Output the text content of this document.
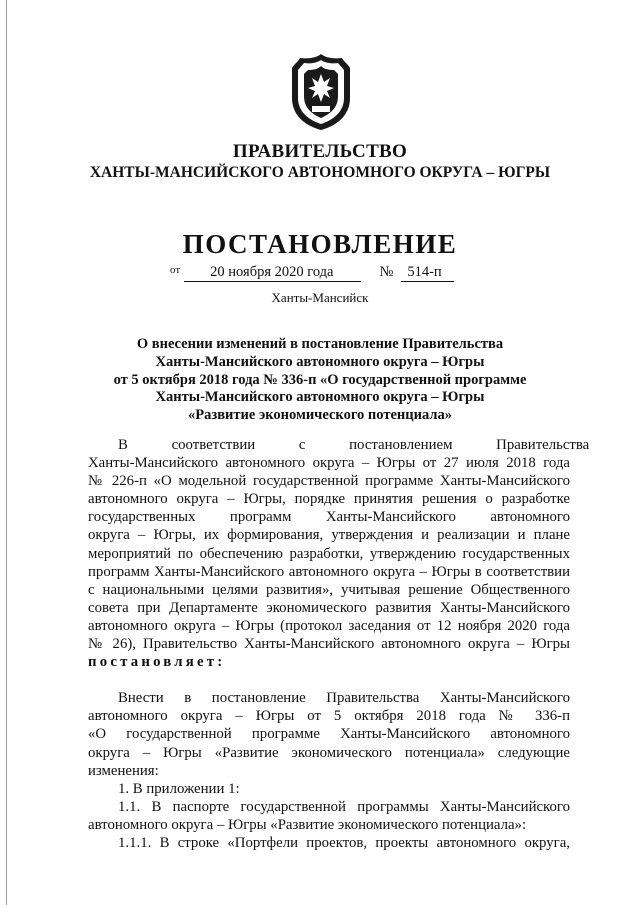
ПРАВИТЕЛЬСТВО
ХАНТЫ-МАНСИЙСКОГО АВТОНОМНОГО ОКРУГА – ЮГРЫ
ПОСТАНОВЛЕНИЕ
$^{от}$ 20 ноября 2020 года	№ 514-п
Ханты-Мансийск
О внесении изменений в постановление Правительства
Ханты-Мансийского автономного округа – Югры
от 5 октября 2018 года № 336-п «О государственной программе
Ханты-Мансийского автономного округа – Югры
«Развитие экономического потенциала»
В соответствии с постановлением Правительства
Ханты-Мансийского автономного округа – Югры от 27 июля 2018 года
№ 226-п «О модельной государственной программе Ханты-Мансийского
автономного округа – Югры, порядке принятия решения о разработке
государственных программ Ханты-Мансийского автономного
округа – Югры, их формирования, утверждения и реализации и плане
мероприятий по обеспечению разработки, утверждению государственных
программ Ханты-Мансийского автономного округа – Югры в соответствии
с национальными целями развития», учитывая решение Общественного
совета при Департаменте экономического развития Ханты-Мансийского
автономного округа – Югры (протокол заседания от 12 ноября 2020 года
№ 26), Правительство Ханты-Мансийского автономного округа – Югры
постановляет:
Внести в постановление Правительства Ханты-Мансийского
автономного округа – Югры от 5 октября 2018 года № 336-п
«О государственной программе Ханты-Мансийского автономного
округа – Югры «Развитие экономического потенциала» следующие
изменения:
1. В приложении 1:
1.1. В паспорте государственной программы Ханты-Мансийского
автономного округа – Югры «Развитие экономического потенциала»:
1.1.1. В строке «Портфели проектов, проекты автономного округа,
